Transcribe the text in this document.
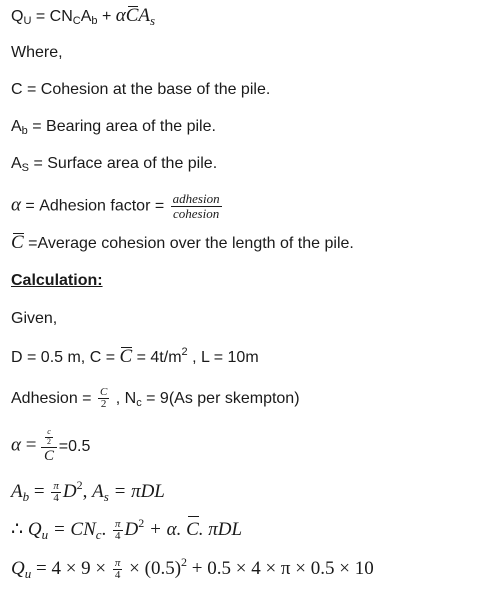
$Q_U = CN_CA_b + \alpha CA_s$
Where,
C = Cohesion at the base of the pile.
$A_b$ = Bearing area of the pile.
$A_S$ = Surface area of the pile.
α = Adhesion factor = $\frac{\text{adhesion}}{\text{cohesion}}$
C =Average cohesion over the length of the pile.
Calculation:
Given,
D = 0.5 m, $C = C = 4t/m^2$ , L = 10m
Adhesion = $\frac{C}{2}$ , $N_c = 9(As$ per skempton)
$\alpha = \frac{\frac{c}{2}}{C} =0.5$
$A_b = \frac{\pi}{4} D^2$, $A_s = \pi DL$
∴ $Q_u = CN_c$. $\frac{\pi}{4} D^2 + \alpha$. C. πDL
$Q_u = 4 \times 9 \times \frac{\pi}{4} \times (0.5)^2 + 0.5 \times 4 \times \pi \times 0.5 \times 10$
